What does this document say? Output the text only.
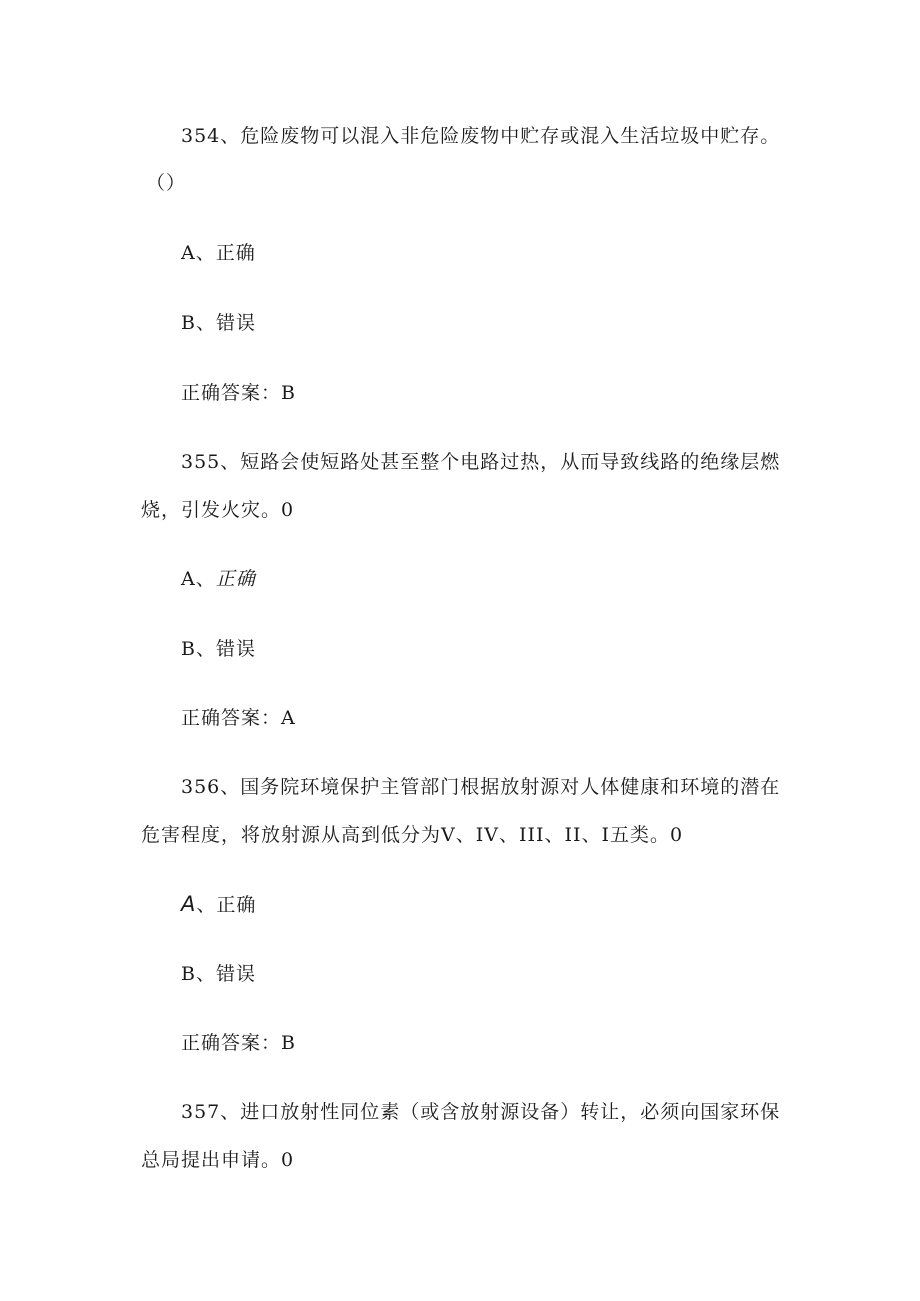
354、危险废物可以混入非危险废物中贮存或混入生活垃圾中贮存。
（）
A、正确
B、错误
正确答案：B
355、短路会使短路处甚至整个电路过热，从而导致线路的绝缘层燃
烧，引发火灾。0
A、正确
B、错误
正确答案：A
356、国务院环境保护主管部门根据放射源对人体健康和环境的潜在
危害程度，将放射源从高到低分为V、IV、III、II、I五类。0
A、正确
B、错误
正确答案：B
357、进口放射性同位素（或含放射源设备）转让，必须向国家环保
总局提出申请。0
